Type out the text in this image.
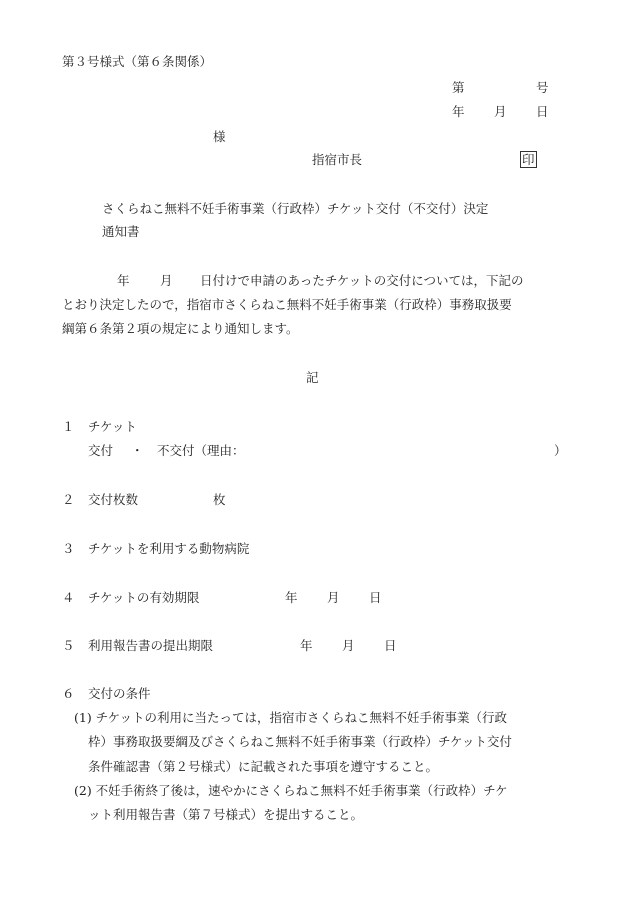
第３号様式（第６条関係）
第	号
年 月 日
様
指宿市長	印
さくらねこ無料不妊手術事業（行政枠）チケット交付（不交付）決定
通知書
年 月 日付けで申請のあったチケットの交付については，下記の
とおり決定したので，指宿市さくらねこ無料不妊手術事業（行政枠）事務取扱要
綱第６条第２項の規定により通知します。
記
１ チケット
交付 ・ 不交付（理由：	）
２ 交付枚数	枚
３ チケットを利用する動物病院
４ チケットの有効期限	年 月 日
５ 利用報告書の提出期限	年 月 日
６ 交付の条件
(1) チケットの利用に当たっては，指宿市さくらねこ無料不妊手術事業（行政
枠）事務取扱要綱及びさくらねこ無料不妊手術事業（行政枠）チケット交付
条件確認書（第２号様式）に記載された事項を遵守すること。
(2) 不妊手術終了後は，速やかにさくらねこ無料不妊手術事業（行政枠）チケ
ット利用報告書（第７号様式）を提出すること。
